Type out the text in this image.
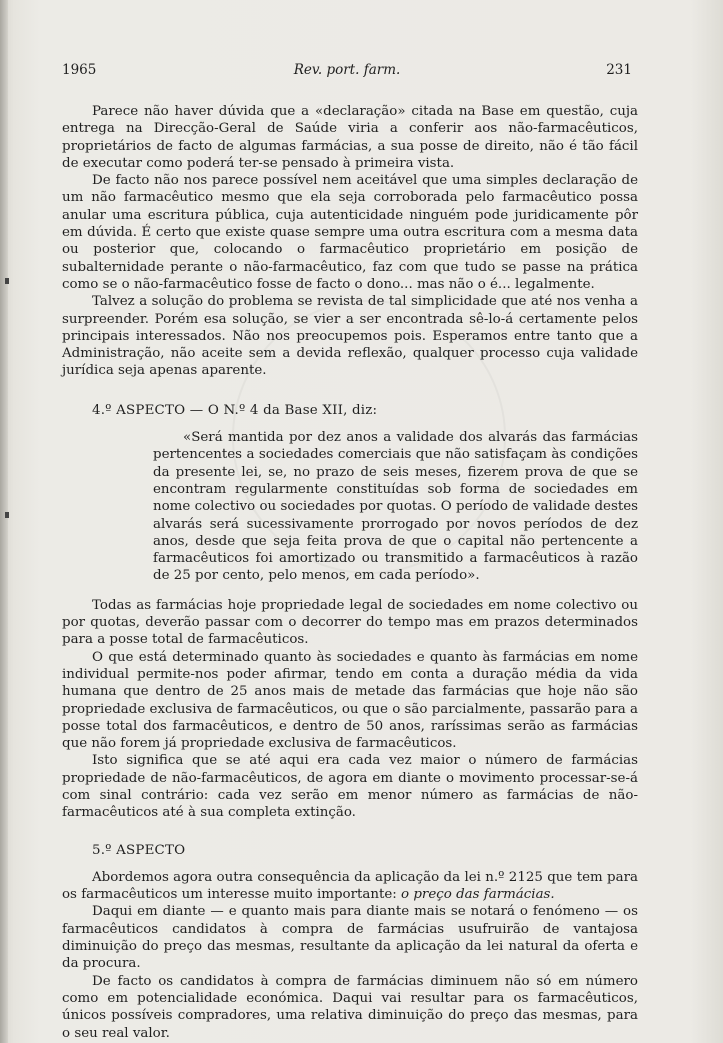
1965	Rev. port. farm.	231

Parece não haver dúvida que a «declaração» citada na Base em questão, cuja entrega na Direcção-Geral de Saúde viria a conferir aos não-farmacêuticos, proprietários de facto de algumas farmácias, a sua posse de direito, não é tão fácil de executar como poderá ter-se pensado à primeira vista.

De facto não nos parece possível nem aceitável que uma simples declaração de um não farmacêutico mesmo que ela seja corroborada pelo farmacêutico possa anular uma escritura pública, cuja autenticidade ninguém pode juridicamente pôr em dúvida. É certo que existe quase sempre uma outra escritura com a mesma data ou posterior que, colocando o farmacêutico proprietário em posição de subalternidade perante o não-farmacêutico, faz com que tudo se passe na prática como se o não-farmacêutico fosse de facto o dono... mas não o é... legalmente.

Talvez a solução do problema se revista de tal simplicidade que até nos venha a surpreender. Porém esa solução, se vier a ser encontrada sê-lo-á certamente pelos principais interessados. Não nos preocupemos pois. Esperamos entre tanto que a Administração, não aceite sem a devida reflexão, qualquer processo cuja validade jurídica seja apenas aparente.

4.º ASPECTO — O N.º 4 da Base XII, diz:

«Será mantida por dez anos a validade dos alvarás das farmácias pertencentes a sociedades comerciais que não satisfaçam às condições da presente lei, se, no prazo de seis meses, fizerem prova de que se encontram regularmente constituídas sob forma de sociedades em nome colectivo ou sociedades por quotas. O período de validade destes alvarás será sucessivamente prorrogado por novos períodos de dez anos, desde que seja feita prova de que o capital não pertencente a farmacêuticos foi amortizado ou transmitido a farmacêuticos à razão de 25 por cento, pelo menos, em cada período».

Todas as farmácias hoje propriedade legal de sociedades em nome colectivo ou por quotas, deverão passar com o decorrer do tempo mas em prazos determinados para a posse total de farmacêuticos.

O que está determinado quanto às sociedades e quanto às farmácias em nome individual permite-nos poder afirmar, tendo em conta a duração média da vida humana que dentro de 25 anos mais de metade das farmácias que hoje não são propriedade exclusiva de farmacêuticos, ou que o são parcialmente, passarão para a posse total dos farmacêuticos, e dentro de 50 anos, raríssimas serão as farmácias que não forem já propriedade exclusiva de farmacêuticos.

Isto significa que se até aqui era cada vez maior o número de farmácias propriedade de não-farmacêuticos, de agora em diante o movimento processar-se-á com sinal contrário: cada vez serão em menor número as farmácias de não-farmacêuticos até à sua completa extinção.

5.º ASPECTO

Abordemos agora outra consequência da aplicação da lei n.º 2125 que tem para os farmacêuticos um interesse muito importante: o preço das farmácias.

Daqui em diante — e quanto mais para diante mais se notará o fenómeno — os farmacêuticos candidatos à compra de farmácias usufruirão de vantajosa diminuição do preço das mesmas, resultante da aplicação da lei natural da oferta e da procura.

De facto os candidatos à compra de farmácias diminuem não só em número como em potencialidade económica. Daqui vai resultar para os farmacêuticos, únicos possíveis compradores, uma relativa diminuição do preço das mesmas, para o seu real valor.
